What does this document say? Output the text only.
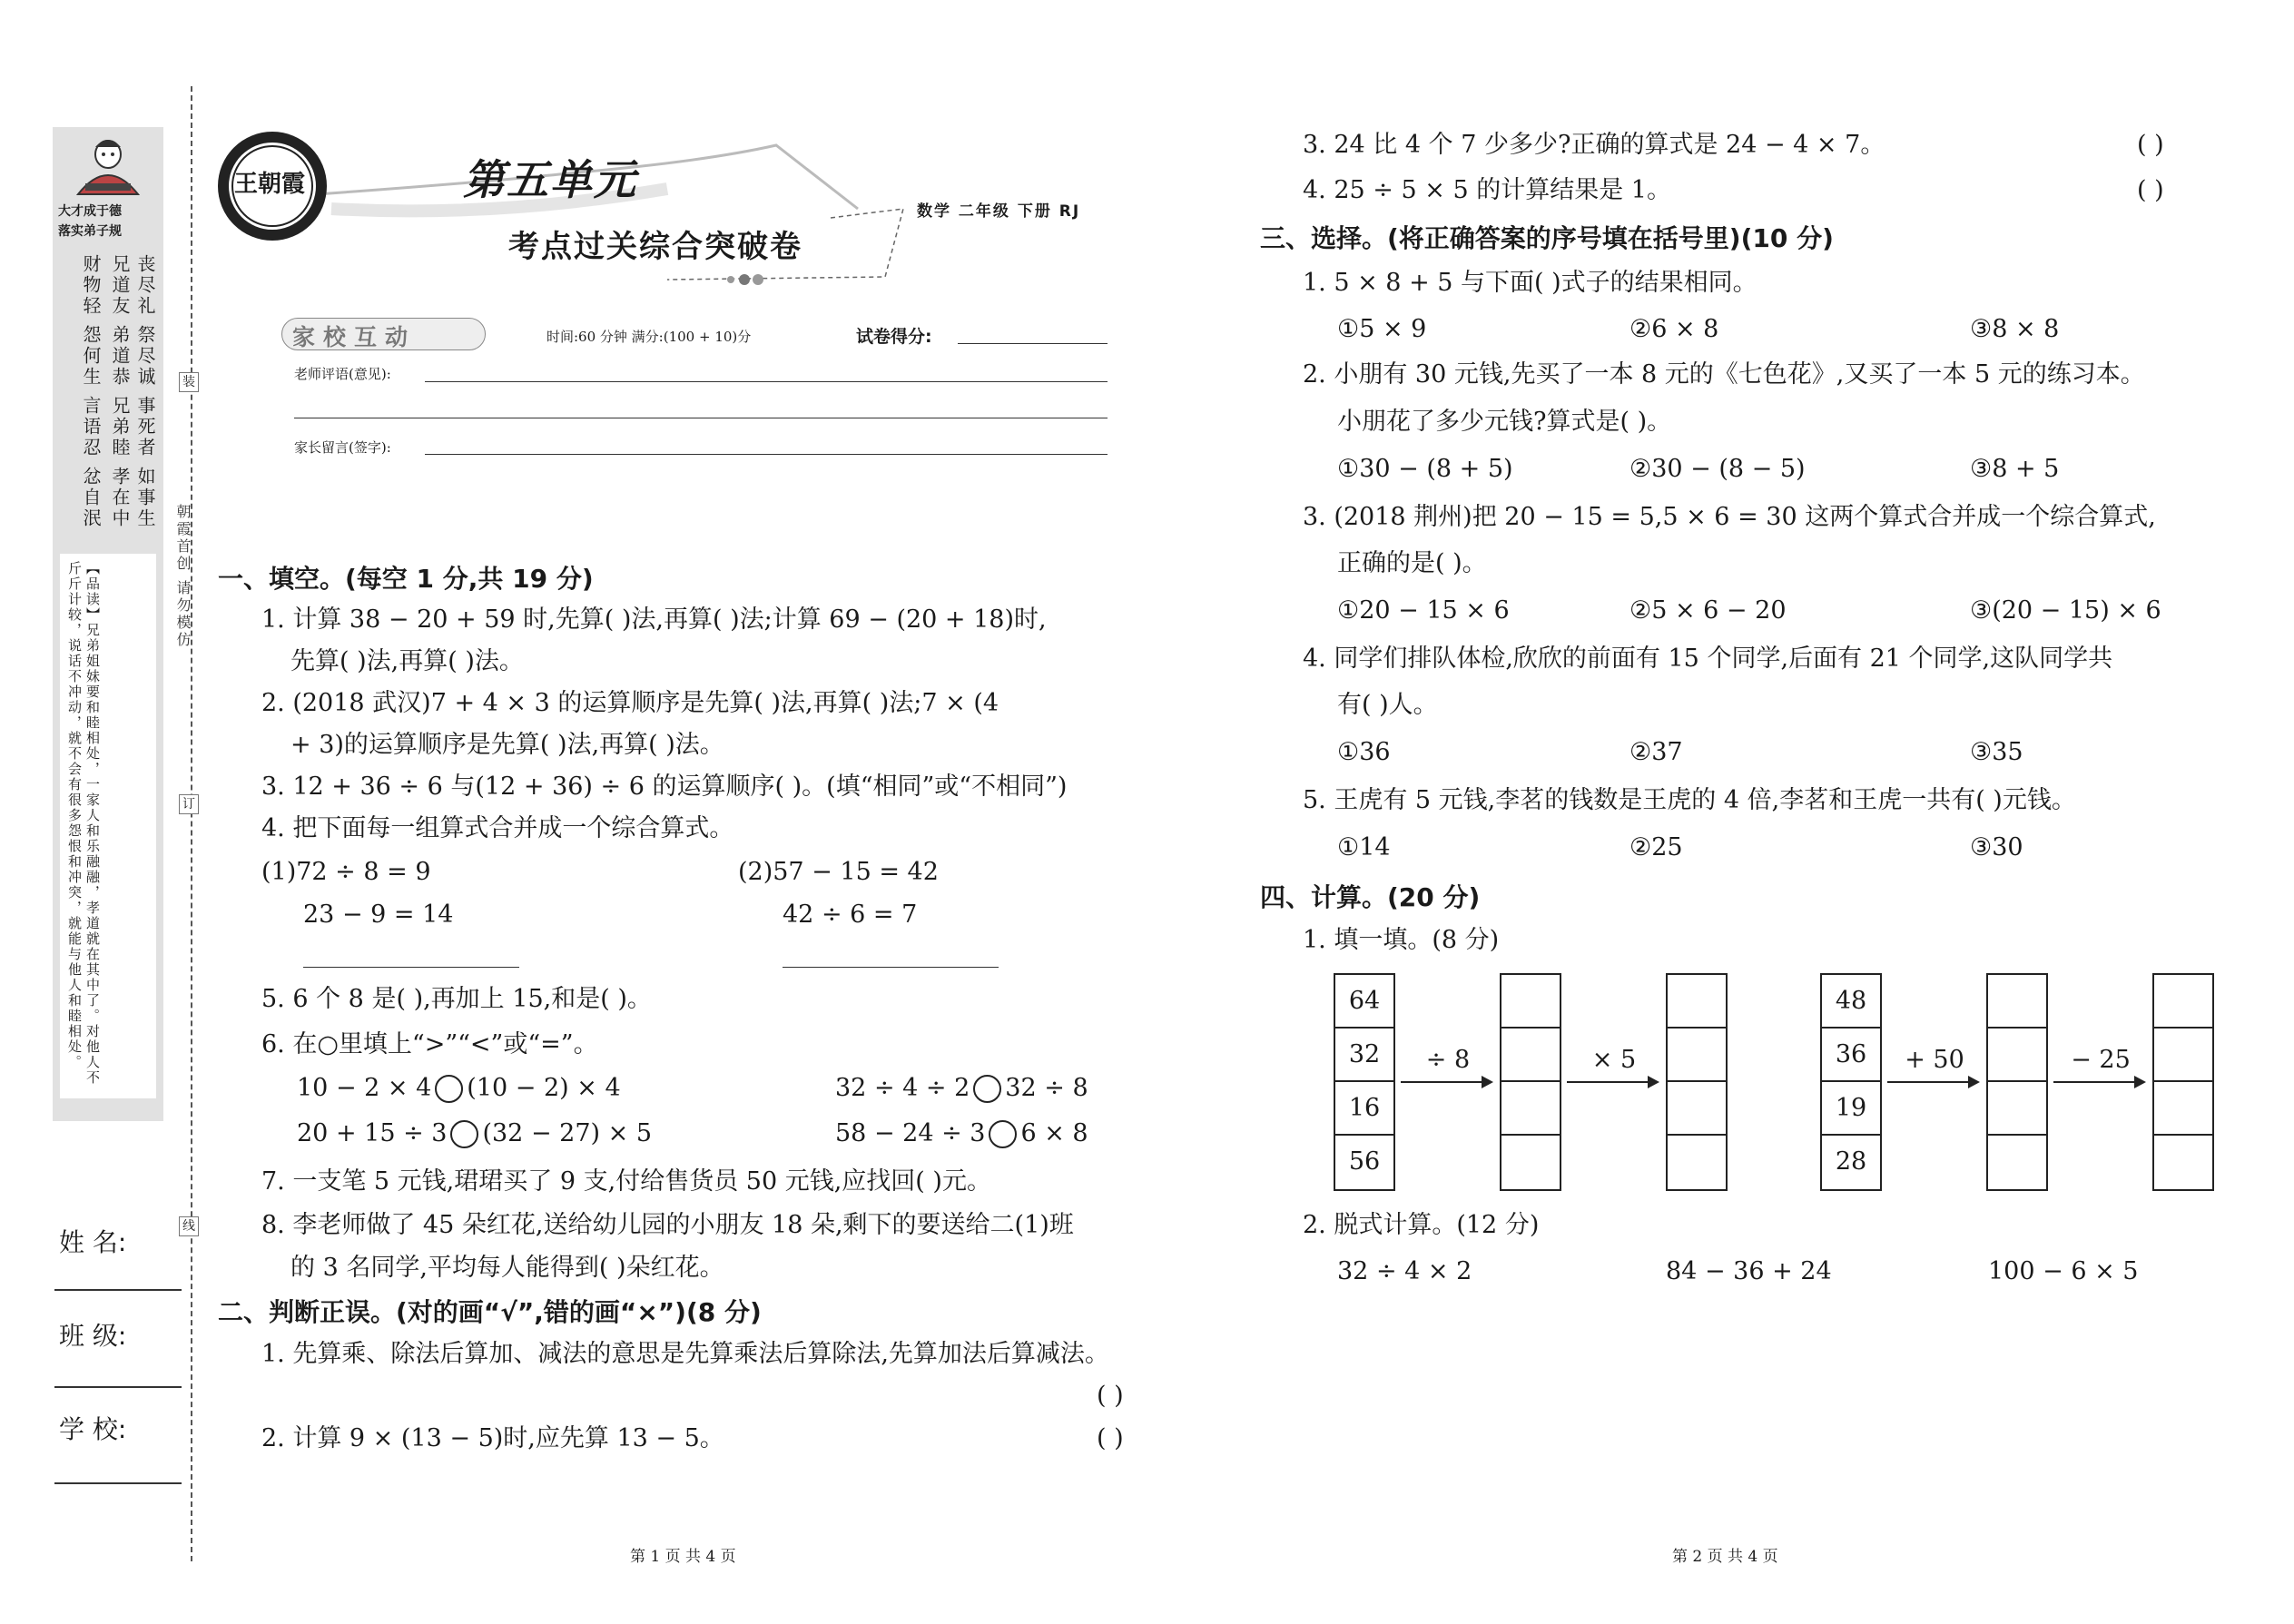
大才成于德
落实弟子规
丧尽礼
祭尽诚
事死者
如事生
兄道友
弟道恭
兄弟睦
孝在中
财物轻
怨何生
言语忍
忿自泯
【品读】兄弟姐妹要和睦相处，一家人和乐融融，孝道就在其中了。对他人不斤斤计较，说话不冲动，就不会有很多怨恨和冲突，就能与他人和睦相处。
装
订
线
朝霞首创 请勿模仿
姓 名:
班 级:
学 校:
王朝霞	第五单元
考点过关综合突破卷
数学 二年级 下册 RJ
家校互动	时间:60 分钟 满分:(100 + 10)分	试卷得分:
老师评语(意见):
家长留言(签字):
一、填空。(每空 1 分,共 19 分)
1. 计算 38 − 20 + 59 时,先算( )法,再算( )法;计算 69 − (20 + 18)时,
先算( )法,再算( )法。
2. (2018 武汉)7 + 4 × 3 的运算顺序是先算( )法,再算( )法;7 × (4
+ 3)的运算顺序是先算( )法,再算( )法。
3. 12 + 36 ÷ 6 与(12 + 36) ÷ 6 的运算顺序( )。(填“相同”或“不相同”)
4. 把下面每一组算式合并成一个综合算式。
(1)72 ÷ 8 = 9
23 − 9 = 14
(2)57 − 15 = 42
42 ÷ 6 = 7
5. 6 个 8 是( ),再加上 15,和是( )。
6. 在○里填上“>”“<”或“=”。
10 − 2 × 4 (10 − 2) × 4	32 ÷ 4 ÷ 2 32 ÷ 8
20 + 15 ÷ 3 (32 − 27) × 5	58 − 24 ÷ 3 6 × 8
7. 一支笔 5 元钱,珺珺买了 9 支,付给售货员 50 元钱,应找回( )元。
8. 李老师做了 45 朵红花,送给幼儿园的小朋友 18 朵,剩下的要送给二(1)班
的 3 名同学,平均每人能得到( )朵红花。
二、判断正误。(对的画“√”,错的画“×”)(8 分)
1. 先算乘、除法后算加、减法的意思是先算乘法后算除法,先算加法后算减法。
( )
2. 计算 9 × (13 − 5)时,应先算 13 − 5。	( )
第 1 页 共 4 页
3. 24 比 4 个 7 少多少?正确的算式是 24 − 4 × 7。	( )
4. 25 ÷ 5 × 5 的计算结果是 1。	( )
三、选择。(将正确答案的序号填在括号里)(10 分)
1. 5 × 8 + 5 与下面( )式子的结果相同。
①5 × 9	②6 × 8	③8 × 8
2. 小朋有 30 元钱,先买了一本 8 元的《七色花》,又买了一本 5 元的练习本。
小朋花了多少元钱?算式是( )。
①30 − (8 + 5)	②30 − (8 − 5)	③8 + 5
3. (2018 荆州)把 20 − 15 = 5,5 × 6 = 30 这两个算式合并成一个综合算式,
正确的是( )。
①20 − 15 × 6	②5 × 6 − 20	③(20 − 15) × 6
4. 同学们排队体检,欣欣的前面有 15 个同学,后面有 21 个同学,这队同学共
有( )人。
①36	②37	③35
5. 王虎有 5 元钱,李茗的钱数是王虎的 4 倍,李茗和王虎一共有( )元钱。
①14	②25	③30
四、计算。(20 分)
1. 填一填。(8 分)
64
32
16
56
÷ 8	× 5
48
36
19
28
+ 50	− 25
2. 脱式计算。(12 分)
32 ÷ 4 × 2	84 − 36 + 24	100 − 6 × 5
第 2 页 共 4 页
